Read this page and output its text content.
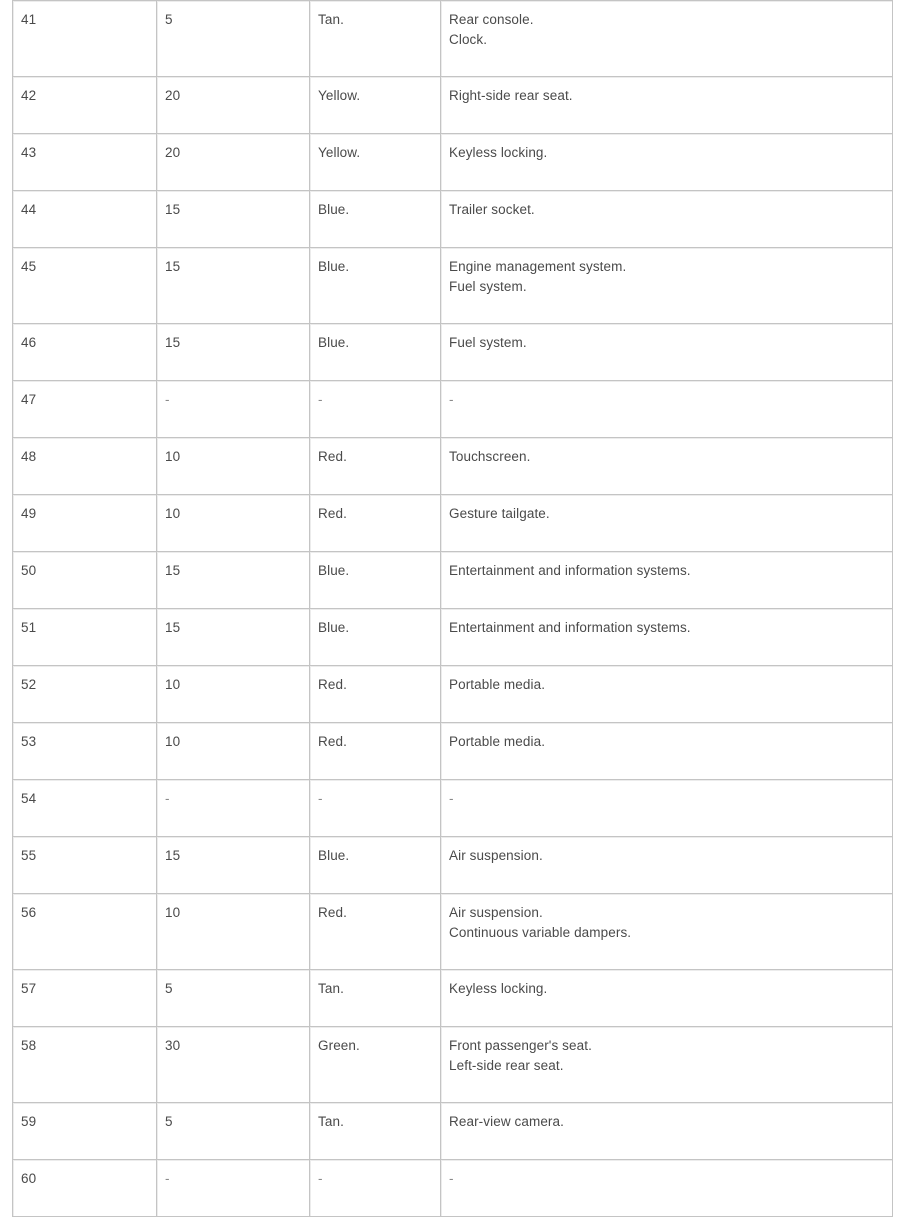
41	5	Tan.	Rear console.
Clock.

42	20	Yellow.	Right-side rear seat.

43	20	Yellow.	Keyless locking.

44	15	Blue.	Trailer socket.

45	15	Blue.	Engine management system.
Fuel system.

46	15	Blue.	Fuel system.

47	-	-	-

48	10	Red.	Touchscreen.

49	10	Red.	Gesture tailgate.

50	15	Blue.	Entertainment and information systems.

51	15	Blue.	Entertainment and information systems.

52	10	Red.	Portable media.

53	10	Red.	Portable media.

54	-	-	-

55	15	Blue.	Air suspension.

56	10	Red.	Air suspension.
Continuous variable dampers.

57	5	Tan.	Keyless locking.

58	30	Green.	Front passenger's seat.
Left-side rear seat.

59	5	Tan.	Rear-view camera.

60	-	-	-
